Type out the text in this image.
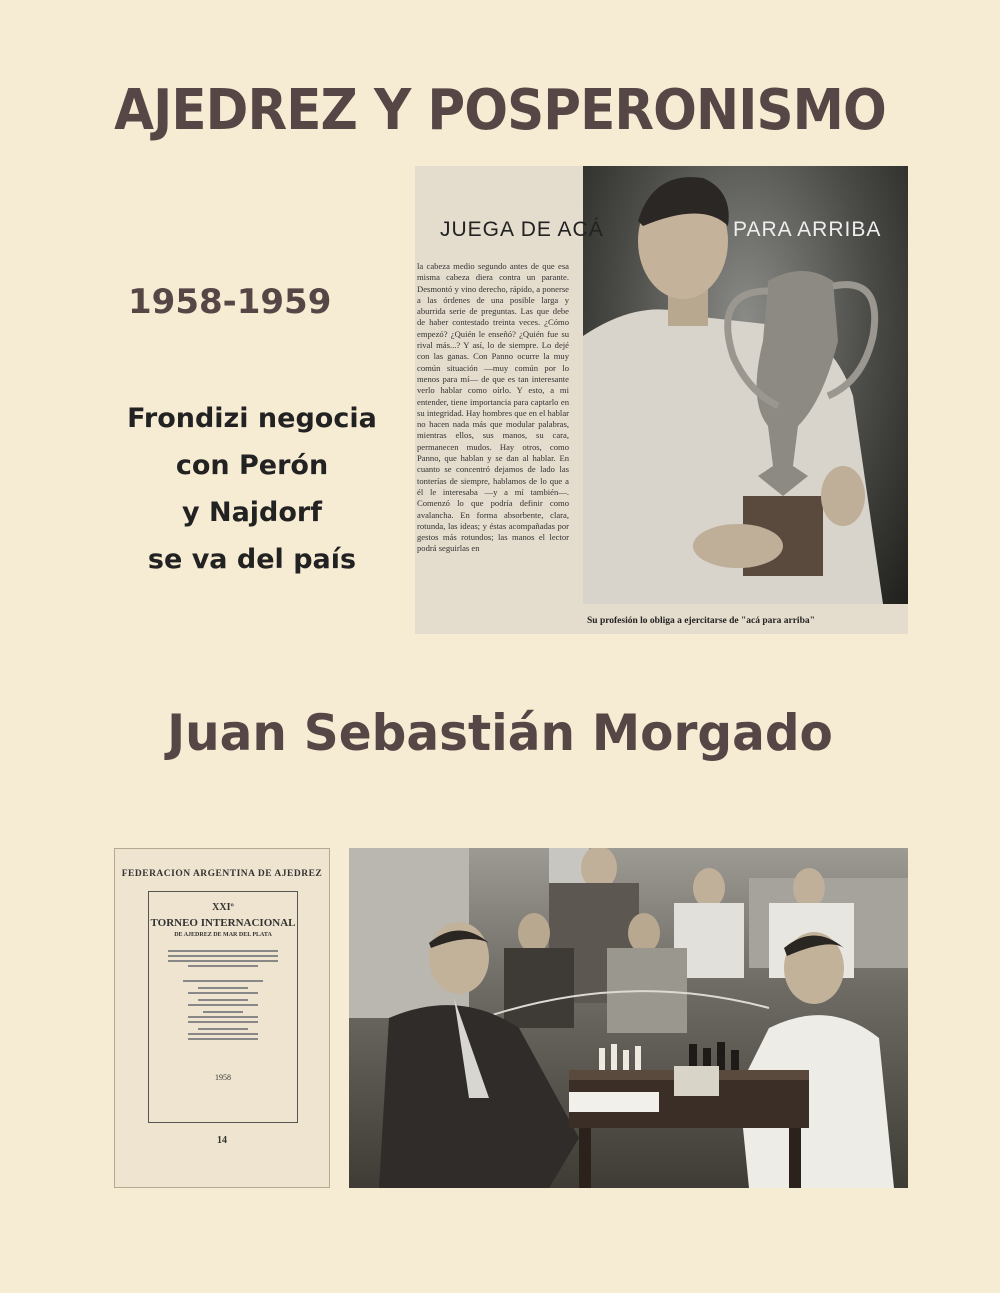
AJEDREZ Y POSPERONISMO
1958-1959
Frondizi negocia
con Perón
y Najdorf
se va del país
la cabeza medio segundo antes de que esa misma cabeza diera contra un parante. Desmontó y vino derecho, rápido, a ponerse a las órdenes de una posible larga y aburrida serie de preguntas. Las que debe de haber contestado treinta veces. ¿Cómo empezó? ¿Quién le enseñó? ¿Quién fue su rival más...? Y así, lo de siempre. Lo dejé con las ganas. Con Panno ocurre la muy común situación —muy común por lo menos para mí— de que es tan interesante verlo hablar como oírlo. Y esto, a mi entender, tiene importancia para captarlo en su integridad. Hay hombres que en el hablar no hacen nada más que modular palabras, mientras ellos, sus manos, su cara, permanecen mudos. Hay otros, como Panno, que hablan y se dan al hablar. En cuanto se concentró dejamos de lado las tonterías de siempre, hablamos de lo que a él le interesaba —y a mí también—. Comenzó lo que podría definir como avalancha. En forma absorbente, clara, rotunda, las ideas; y éstas acompañadas por gestos más rotundos; las manos el lector podrá seguirlas en
JUEGA DE ACÁ	PARA ARRIBA
Su profesión lo obliga a ejercitarse de "acá para arriba"
Juan Sebastián Morgado
FEDERACION ARGENTINA DE AJEDREZ
XXIº
TORNEO INTERNACIONAL
DE AJEDREZ DE MAR DEL PLATA
1958
14
